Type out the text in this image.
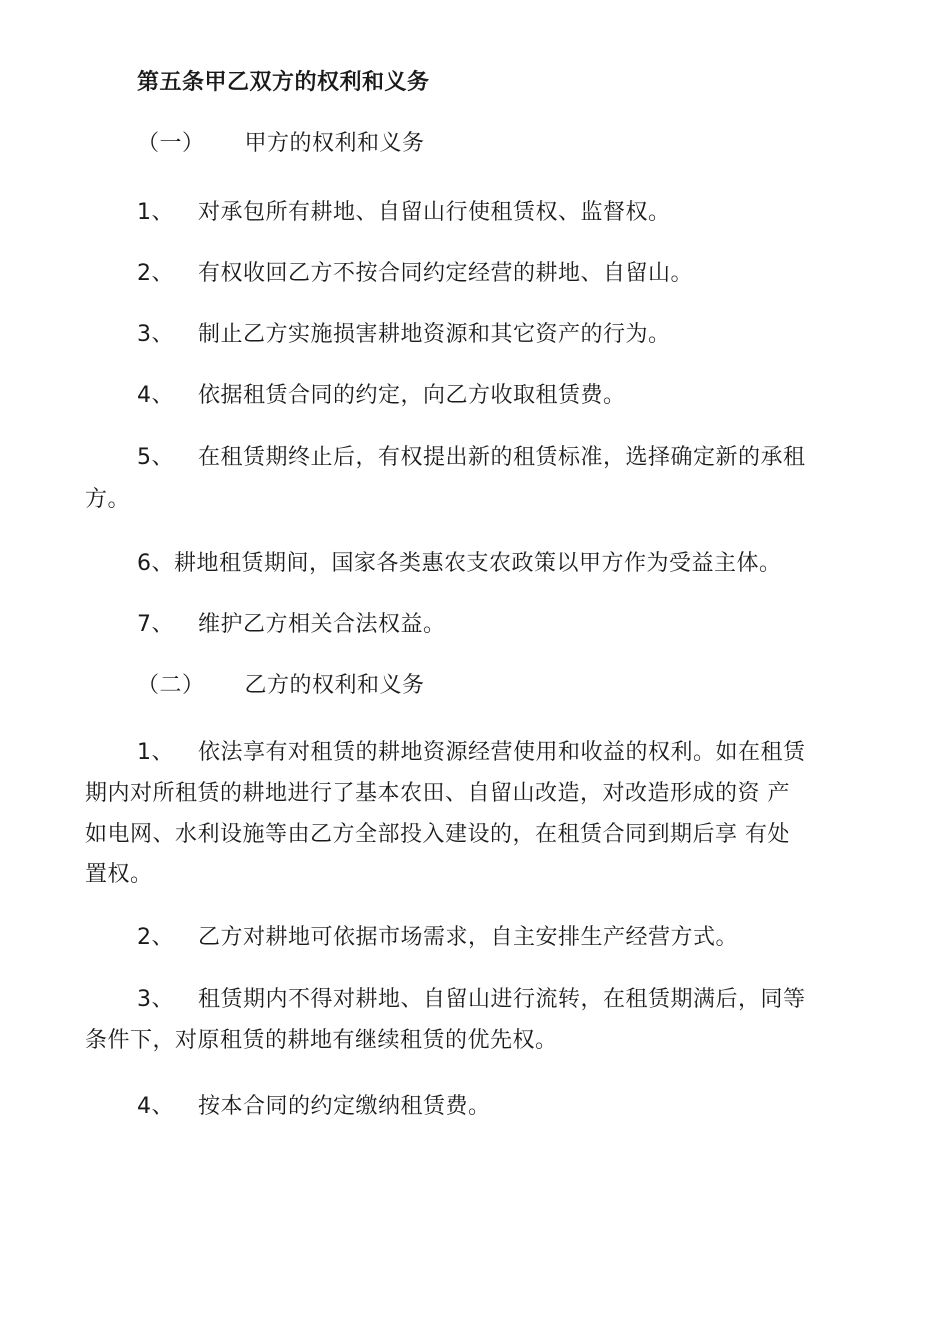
第五条甲乙双方的权利和义务
（一） 甲方的权利和义务
1、 对承包所有耕地、自留山行使租赁权、监督权。
2、 有权收回乙方不按合同约定经营的耕地、自留山。
3、 制止乙方实施损害耕地资源和其它资产的行为。
4、 依据租赁合同的约定，向乙方收取租赁费。
5、 在租赁期终止后，有权提出新的租赁标准，选择确定新的承租
方。
6、耕地租赁期间，国家各类惠农支农政策以甲方作为受益主体。
7、 维护乙方相关合法权益。
（二） 乙方的权利和义务
1、 依法享有对租赁的耕地资源经营使用和收益的权利。如在租赁
期内对所租赁的耕地进行了基本农田、自留山改造，对改造形成的资 产
如电网、水利设施等由乙方全部投入建设的，在租赁合同到期后享 有处
置权。
2、 乙方对耕地可依据市场需求，自主安排生产经营方式。
3、 租赁期内不得对耕地、自留山进行流转，在租赁期满后，同等
条件下，对原租赁的耕地有继续租赁的优先权。
4、 按本合同的约定缴纳租赁费。
